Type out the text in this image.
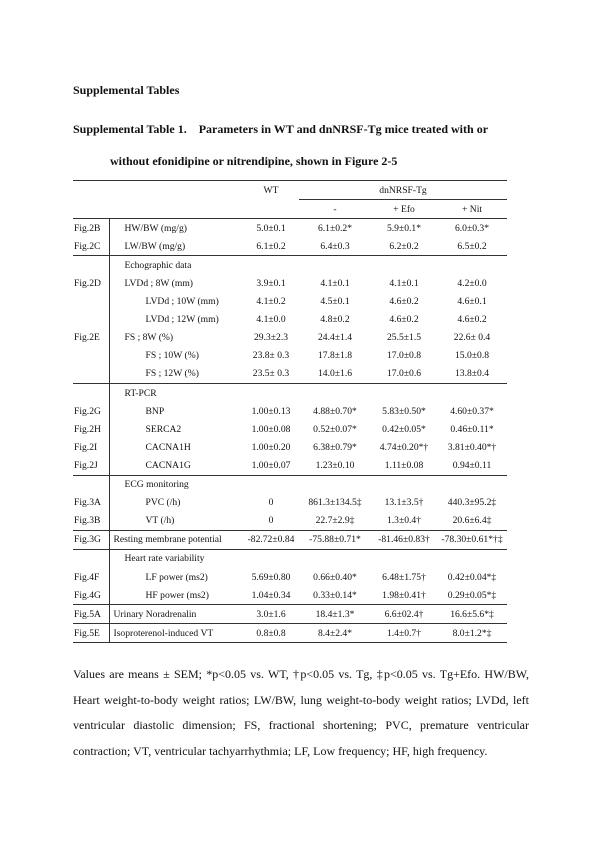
Supplemental Tables
Supplemental Table 1.    Parameters in WT and dnNRSF-Tg mice treated with or
without efonidipine or nitrendipine, shown in Figure 2-5
		WT	dnNRSF-Tg		
			-	+ Efo	+ Nit
Fig.2B	HW/BW (mg/g)	5.0±0.1	6.1±0.2*	5.9±0.1*	6.0±0.3*
Fig.2C	LW/BW (mg/g)	6.1±0.2	6.4±0.3	6.2±0.2	6.5±0.2
	Echographic data				
Fig.2D	LVDd ; 8W (mm)	3.9±0.1	4.1±0.1	4.1±0.1	4.2±0.0
	LVDd ; 10W (mm)	4.1±0.2	4.5±0.1	4.6±0.2	4.6±0.1
	LVDd ; 12W (mm)	4.1±0.0	4.8±0.2	4.6±0.2	4.6±0.2
Fig.2E	FS ; 8W (%)	29.3±2.3	24.4±1.4	25.5±1.5	22.6± 0.4
	FS ; 10W (%)	23.8± 0.3	17.8±1.8	17.0±0.8	15.0±0.8
	FS ; 12W (%)	23.5± 0.3	14.0±1.6	17.0±0.6	13.8±0.4
	RT-PCR				
Fig.2G	BNP	1.00±0.13	4.88±0.70*	5.83±0.50*	4.60±0.37*
Fig.2H	SERCA2	1.00±0.08	0.52±0.07*	0.42±0.05*	0.46±0.11*
Fig.2I	CACNA1H	1.00±0.20	6.38±0.79*	4.74±0.20*†	3.81±0.40*†
Fig.2J	CACNA1G	1.00±0.07	1.23±0.10	1.11±0.08	0.94±0.11
	ECG monitoring				
Fig.3A	PVC (/h)	0	861.3±134.5‡	13.1±3.5†	440.3±95.2‡
Fig.3B	VT (/h)	0	22.7±2.9‡	1.3±0.4†	20.6±6.4‡
Fig.3G	Resting membrane potential	-82.72±0.84	-75.88±0.71*	-81.46±0.83†	-78.30±0.61*†‡
	Heart rate variability				
Fig.4F	LF power (ms2)	5.69±0.80	0.66±0.40*	6.48±1.75†	0.42±0.04*‡
Fig.4G	HF power (ms2)	1.04±0.34	0.33±0.14*	1.98±0.41†	0.29±0.05*‡
Fig.5A	Urinary Noradrenalin	3.0±1.6	18.4±1.3*	6.6±02.4†	16.6±5.6*‡
Fig.5E	Isoproterenol-induced VT	0.8±0.8	8.4±2.4*	1.4±0.7†	8.0±1.2*‡

Values are means ± SEM; *p<0.05 vs. WT, †p<0.05 vs. Tg, ‡p<0.05 vs. Tg+Efo. HW/BW, Heart weight-to-body weight ratios; LW/BW, lung weight-to-body weight ratios; LVDd, left ventricular diastolic dimension; FS, fractional shortening; PVC, premature ventricular contraction; VT, ventricular tachyarrhythmia; LF, Low frequency; HF, high frequency.
